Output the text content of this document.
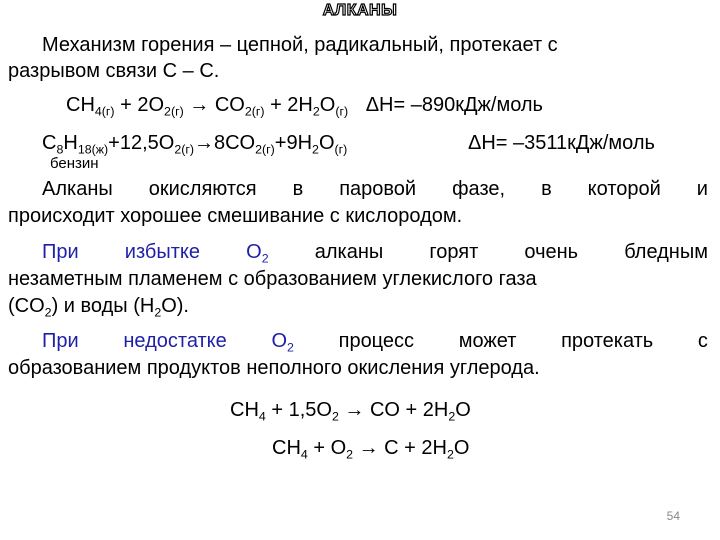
АЛКАНЫ
Механизм горения – цепной, радикальный, протекает с
разрывом связи С – С.
$CH_{4(г)} + 2O_{2(г)} \to CO_{2(г)} + 2H_2O_{(г)}$ ΔH= –890кДж/моль
$C_8H_{18(ж)}+12,5O_{2(г)}\to 8CO_{2(г)}+9H_2O_{(г)}$	ΔH= –3511кДж/моль
бензин
Алканы окисляются в паровой фазе, в которой и
происходит хорошее смешивание с кислородом.
При избытке $O_2$ алканы горят очень бледным
незаметным пламенем с образованием углекислого газа
$(CO_2)$ и воды $(H_2O)$.
При недостатке $O_2$ процесс может протекать с
образованием продуктов неполного окисления углерода.
$CH_4 + 1,5O_2$ → CO + $2H_2O$
$CH_4 + O_2 \to C + 2H_2O$
54
